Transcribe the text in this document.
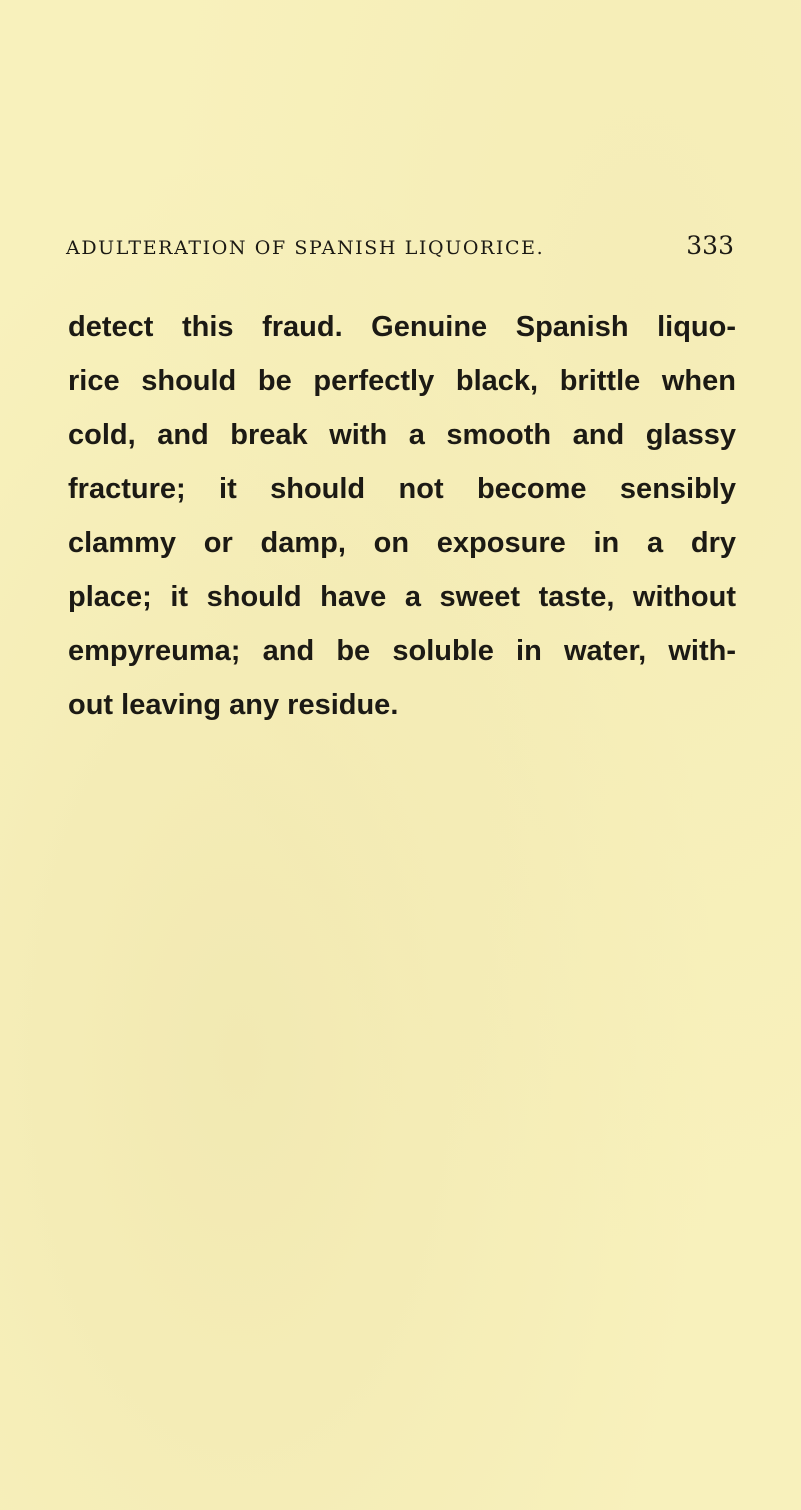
ADULTERATION OF SPANISH LIQUORICE.	333
detect this fraud. Genuine Spanish liquo-
rice should be perfectly black, brittle when
cold, and break with a smooth and glassy
fracture; it should not become sensibly
clammy or damp, on exposure in a dry
place; it should have a sweet taste, without
empyreuma; and be soluble in water, with-
out leaving any residue.
